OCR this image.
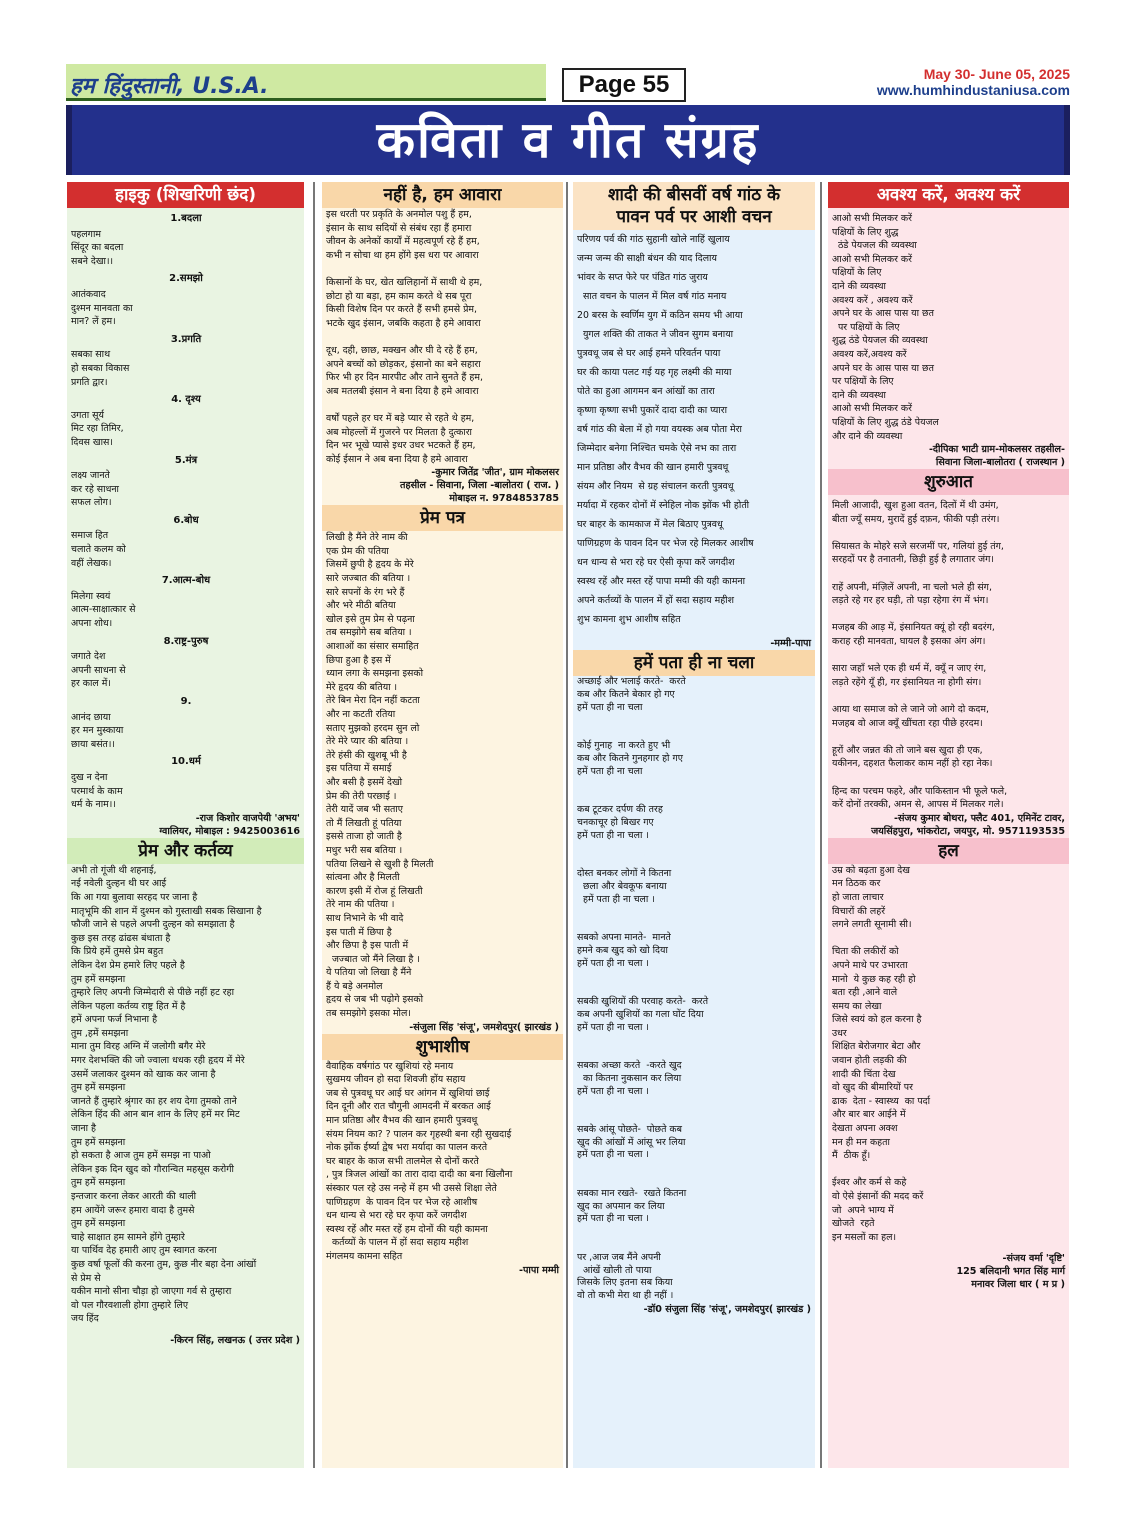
हम हिंदुस्तानी, U.S.A.	Page 55	May 30- June 05, 2025
www.humhindustaniusa.com
कविता व गीत संग्रह
हाइकु (शिखरिणी छंद)
1.बदला

पहलगाम
सिंदूर का बदला
सबने देखा।।

2.समझो

आतंकवाद
दुश्मन मानवता का
मान? लें हम।

3.प्रगति

सबका साथ
हो सबका विकास
प्रगति द्वार।

4. दृश्य

उगता सूर्य
मिट रहा तिमिर,
दिवस खास।

5.मंत्र

लक्ष्य जानते
कर रहे साधना
सफल लोग।

6.बोध

समाज हित
चलाते कलम को
वहीं लेखक।

7.आत्म-बोध

मिलेगा स्वयं
आत्म-साक्षात्कार से
अपना शोध।

8.राष्ट्र-पुरुष

जगाते देश
अपनी साधना से
हर काल में।

9.

आनंद छाया
हर मन मुस्काया
छाया बसंत।।

10.धर्म

दुख न देना
परमार्थ के काम
धर्म के नाम।।

-राज किशोर वाजपेयी 'अभय'
ग्वालियर, मोबाइल : 9425003616
प्रेम और कर्तव्य

अभी तो गूंजी थी शहनाई,
नई नवेली दुल्हन थी घर आई
कि आ गया बुलावा सरहद पर जाना है
मातृभूमि की शान में दुश्मन को गुस्ताखी सबक सिखाना है
फौजी जाने से पहले अपनी दुल्हन को समझाता है
कुछ इस तरह ढांढस बंधाता है
कि प्रिये हमें तुमसे प्रेम बहुत
लेकिन देश प्रेम हमारे लिए पहले है
तुम हमें समझना
तुम्हारे लिए अपनी जिम्मेदारी से पीछे नहीं हट रहा
लेकिन पहला कर्तव्य राष्ट्र हित में है
हमें अपना फर्ज निभाना है
तुम ,हमें समझना
माना तुम विरह अग्नि में जलोगी बगैर मेरे
मगर देशभक्ति की जो ज्वाला धधक रही हृदय में मेरे
उसमें जलाकर दुश्मन को खाक कर जाना है
तुम हमें समझना
जानते हैं तुम्हारे श्रृंगार का हर शय देगा तुमको ताने
लेकिन हिंद की आन बान शान के लिए हमें मर मिट
जाना है
तुम हमें समझना
हो सकता है आज तुम हमें समझ ना पाओ
लेकिन इक दिन खुद को गौरान्वित महसूस करोगी
तुम हमें समझना
इन्तजार करना लेकर आरती की थाली
हम आयेंगे जरूर हमारा वादा है तुमसे
तुम हमें समझना
चाहे साक्षात हम सामने होंगे तुम्हारे
या पार्थिव देह हमारी आए तुम स्वागत करना
कुछ वर्षा फूलों की करना तुम, कुछ नीर बहा देना आंखों
से प्रेम से
यकीन मानो सीना चौड़ा हो जाएगा गर्व से तुम्हारा
वो पल गौरवशाली होगा तुम्हारे लिए
जय हिंद

-किरन सिंह, लखनऊ ( उत्तर प्रदेश )
नहीं है, हम आवारा

इस धरती पर प्रकृति के अनमोल पशु हैं हम,
इंसान के साथ सदियों से संबंध रहा हैं हमारा
जीवन के अनेकों कार्यों में महत्वपूर्ण रहे हैं हम,
कभी न सोचा था हम होंगे इस धरा पर आवारा

किसानों के घर, खेत खलिहानों में साथी थे हम,
छोटा हो या बड़ा, हम काम करते थे सब पूरा
किसी विशेष दिन पर करते हैं सभी हमसे प्रेम,
भटके खुद इंसान, जबकि कहता है हमे आवारा

दूध, दही, छाछ, मक्खन और घी दे रहे हैं हम,
अपने बच्चों को छोड़कर, इंसानो का बने सहारा
फिर भी हर दिन मारपीट और ताने सुनते हैं हम,
अब मतलबी इंसान ने बना दिया है हमे आवारा

वर्षों पहले हर घर में बड़े प्यार से रहते थे हम,
अब मोहल्लों में गुजरने पर मिलता है दुत्कारा
दिन भर भूखे प्यासे इधर उधर भटकते हैं हम,
कोई ईसान ने अब बना दिया है हमे आवारा

-कुमार जितेंद्र 'जीत', ग्राम मोकलसर
तहसील - सिवाना, जिला -बालोतरा ( राज. )
मोबाइल न. 9784853785
प्रेम पत्र

लिखी है मैंने तेरे नाम की
एक प्रेम की पतिया
जिसमें छुपी है हृदय के मेरे
सारे जज्बात की बतिया ।
सारे सपनों के रंग भरे हैं
और भरे मीठी बतिया
खोल इसे तुम प्रेम से पढ़ना
तब समझोगे सब बतिया ।
आशाओं का संसार समाहित
छिपा हुआ है इस में
ध्यान लगा के समझना इसको
मेरे हृदय की बतिया ।
तेरे बिन मेरा दिन नहीं कटता
और ना कटती रतिया
सताए मुझको हरदम सुन लो
तेरे मेरे प्यार की बतिया ।
तेरे हंसी की खुशबू भी है
इस पतिया में समाई
और बसी है इसमें देखो
प्रेम की तेरी परछाई ।
तेरी यादें जब भी सताए
तो मैं लिखती हूं पतिया
इससे ताजा हो जाती है
मधुर भरी सब बतिया ।
पतिया लिखने से खुशी है मिलती
सांत्वना और है मिलती
कारण इसी में रोज हूं लिखती
तेरे नाम की पतिया ।
साथ निभाने के भी वादे
इस पाती में छिपा है
और छिपा है इस पाती में
जज्बात जो मैंने लिखा है ।
ये पतिया जो लिखा है मैंने
हैं ये बड़े अनमोल
हृदय से जब भी पढ़ोगे इसको
तब समझोगे इसका मोल।

-संजुला सिंह 'संजू', जमशेदपुर( झारखंड )
शुभाशीष

वैवाहिक वर्षगांठ पर खुशियां रहे मनाय
सुखमय जीवन हो सदा शिवजी होंय सहाय
जब से पुत्रवधू घर आई घर आंगन में खुशियां छाई
दिन दूनी और रात चौगुनी आमदनी में बरकत आई
मान प्रतिष्ठा और वैभव की खान हमारी पुत्रवधू
संयम नियम का? ? पालन कर गृहस्थी बना रही सुखदाई
नोक झोंक ईर्ष्या द्वेष भरा मर्यादा का पालन करते
घर बाहर के काज सभी तालमेल से दोनों करते
, पुत्र त्रिजल आंखों का तारा दादा दादी का बना खिलौना
संस्कार पल रहे उस नन्हे में हम भी उससे शिक्षा लेते
पाणिग्रहण  के पावन दिन पर भेज रहे आशीष
धन धान्य से भरा रहे घर कृपा करें जगदीश
स्वस्थ रहें और मस्त रहें हम दोनों की यही कामना
कर्तव्यों के पालन में हों सदा सहाय महीश
मंगलमय कामना सहित

-पापा मम्मी
शादी की बीसवीं वर्ष गांठ के
पावन पर्व पर आशी वचन

परिणय पर्व की गांठ सुहानी खोले नाहिं खुलाय
जन्म जन्म की साक्षी बंधन की याद दिलाय
भांवर के सप्त फेरे पर पंडित गांठ जुराय
सात वचन के पालन में मिल वर्ष गांठ मनाय
20 बरस के स्वर्णिम युग में कठिन समय भी आया
युगल शक्ति की ताकत ने जीवन सुगम बनाया
पुत्रवधू जब से घर आई हमने परिवर्तन पाया
घर की काया पलट गई यह गृह लक्ष्मी की माया
पोते का हुआ आगमन बन आंखों का तारा
कृष्णा कृष्णा सभी पुकारें दादा दादी का प्यारा
वर्ष गांठ की बेला में हो गया वयस्क अब पोता मेरा
जिम्मेदार बनेगा निश्चित चमके ऐसे नभ का तारा
मान प्रतिष्ठा और वैभव की खान हमारी पुत्रवधू
संयम और नियम  से ग्रह संचालन करती पुत्रवधू
मर्यादा में रहकर दोनों में स्नेहिल नोक झोंक भी होती
घर बाहर के कामकाज में मेल बिठाए पुत्रवधू
पाणिग्रहण के पावन दिन पर भेज रहे मिलकर आशीष
धन धान्य से भरा रहे घर ऐसी कृपा करें जगदीश
स्वस्थ रहें और मस्त रहें पापा मम्मी की यही कामना
अपने कर्तव्यों के पालन में हों सदा सहाय महीश
शुभ कामना शुभ आशीष सहित

-मम्मी-पापा
हमें पता ही ना चला

अच्छाई और भलाई करते-  करते
कब और कितने बेकार हो गए
हमें पता ही ना चला

कोई गुनाह  ना करते हुए भी
कब और कितने गुनहगार हो गए
हमें पता ही ना चला

कब टूटकर दर्पण की तरह
चनकाचूर हो बिखर गए
हमें पता ही ना चला ।

दोस्त बनकर लोगों ने कितना
छला और बेवकूफ बनाया
हमें पता ही ना चला ।

सबको अपना मानते-  मानते
हमने कब खुद को खो दिया
हमें पता ही ना चला ।

सबकी खुशियों की परवाह करते-  करते
कब अपनी खुशियों का गला घोंट दिया
हमें पता ही ना चला ।

सबका अच्छा करते  -करते खुद
का कितना नुकसान कर लिया
हमें पता ही ना चला ।

सबके आंसू पोछते-  पोछते कब
खुद की आंखों में आंसू भर लिया
हमें पता ही ना चला ।

सबका मान रखते-  रखते कितना
खुद का अपमान कर लिया
हमें पता ही ना चला ।

पर ,आज जब मैंने अपनी
आंखें खोली तो पाया
जिसके लिए इतना सब किया
वो तो कभी मेरा था ही नहीं ।

-डॉ0 संजुला सिंह 'संजू', जमशेदपुर( झारखंड )
अवश्य करें, अवश्य करें

आओ सभी मिलकर करें
पक्षियों के लिए शुद्ध
ठंडे पेयजल की व्यवस्था
आओ सभी मिलकर करें
पक्षियों के लिए
दाने की व्यवस्था
अवश्य करें , अवश्य करें
अपने घर के आस पास या छत
पर पक्षियों के लिए
शुद्ध ठंडे पेयजल की व्यवस्था
अवश्य करें,अवश्य करें
अपने घर के आस पास या छत
पर पक्षियों के लिए
दाने की व्यवस्था
आओ सभी मिलकर करें
पक्षियों के लिए शुद्ध ठंडे पेयजल
और दाने की व्यवस्था

-दीपिका भाटी ग्राम-मोकलसर तहसील-
सिवाना जिला-बालोतरा ( राजस्थान )
शुरुआत

मिली आजादी, खुश हुआ वतन, दिलों में थी उमंग,
बीता ज्यूँ समय, मुरादें हुई दफ़न, फीकी पड़ी तरंग।

सियासत के मोहरे सजे सरजमीं पर, गलियां हुई तंग,
सरहदों पर है तनातनी, छिड़ी हुई है लगातार जंग।

राहें अपनी, मंज़िलें अपनी, ना चलो भले ही संग,
लड़ते रहे गर हर घड़ी, तो पड़ा रहेगा रंग में भंग।

मजहब की आड़ में, इंसानियत क्यूं हो रही बदरंग,
कराह रही मानवता, घायल है इसका अंग अंग।

सारा जहाँ भले एक ही धर्म में, क्यूँ न जाए रंग,
लड़ते रहेंगे यूँ ही, गर इंसानियत ना होगी संग।

आया था समाज को ले जाने जो आगे दो कदम,
मजहब वो आज क्यूँ खींचता रहा पीछे हरदम।

हूरों और जन्नत की तो जाने बस खुदा ही एक,
यकीनन, दहशत फैलाकर काम नहीं हो रहा नेक।

हिन्द का परचम फहरे, और पाकिस्तान भी फूले फले,
करें दोनों तरक्की, अमन से, आपस में मिलकर गले।

-संजय कुमार बोथरा, फ्लैट 401, एमिनेंट टावर,
जयसिंहपुरा, भांकरोटा, जयपुर, मो. 9571193535
हल

उम्र को बढ़ता हुआ देख
मन ठिठक कर
हो जाता लाचार
विचारों की लहरें
लगने लगती सूनामी सी।

चिता की लकीरों को
अपने माथे पर उभारता
मानो  ये कुछ कह रही हो
बता रही ,आने वाले
समय का लेखा
जिसे स्वयं को हल करना है
उधर
शिक्षित बेरोजगार बेटा और
जवान होती लड़की की
शादी की चिंता देख
वो खुद की बीमारियों पर
ढाक  देता - स्वास्थ्य  का पर्दा
और बार बार आईने में
देखता अपना अक्श
मन ही मन कहता
मैं  ठीक हूँ।

ईश्वर और कर्म से कहे
वो ऐसे इंसानों की मदद करें
जो  अपने भाग्य में
खोजते  रहते
इन मसलों का हल।

-संजय वर्मा 'दृष्टि'
125 बलिदानी भगत सिंह मार्ग
मनावर जिला धार ( म प्र )
